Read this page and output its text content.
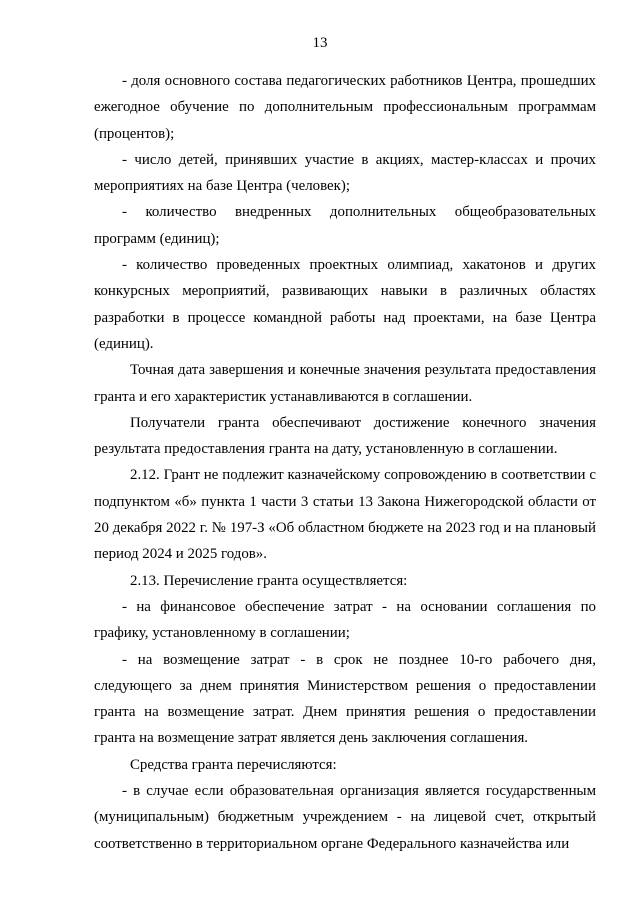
13

- доля основного состава педагогических работников Центра, прошедших ежегодное обучение по дополнительным профессиональным программам (процентов);

- число детей, принявших участие в акциях, мастер-классах и прочих мероприятиях на базе Центра (человек);

- количество внедренных дополнительных общеобразовательных программ (единиц);

- количество проведенных проектных олимпиад, хакатонов и других конкурсных мероприятий, развивающих навыки в различных областях разработки в процессе командной работы над проектами, на базе Центра (единиц).

Точная дата завершения и конечные значения результата предоставления гранта и его характеристик устанавливаются в соглашении.

Получатели гранта обеспечивают достижение конечного значения результата предоставления гранта на дату, установленную в соглашении.

2.12. Грант не подлежит казначейскому сопровождению в соответствии с подпунктом «б» пункта 1 части 3 статьи 13 Закона Нижегородской области от 20 декабря 2022 г. № 197-З «Об областном бюджете на 2023 год и на плановый период 2024 и 2025 годов».

2.13. Перечисление гранта осуществляется:

- на финансовое обеспечение затрат - на основании соглашения по графику, установленному в соглашении;

- на возмещение затрат - в срок не позднее 10-го рабочего дня, следующего за днем принятия Министерством решения о предоставлении гранта на возмещение затрат. Днем принятия решения о предоставлении гранта на возмещение затрат является день заключения соглашения.

Средства гранта перечисляются:

- в случае если образовательная организация является государственным (муниципальным) бюджетным учреждением - на лицевой счет, открытый соответственно в территориальном органе Федерального казначейства или
